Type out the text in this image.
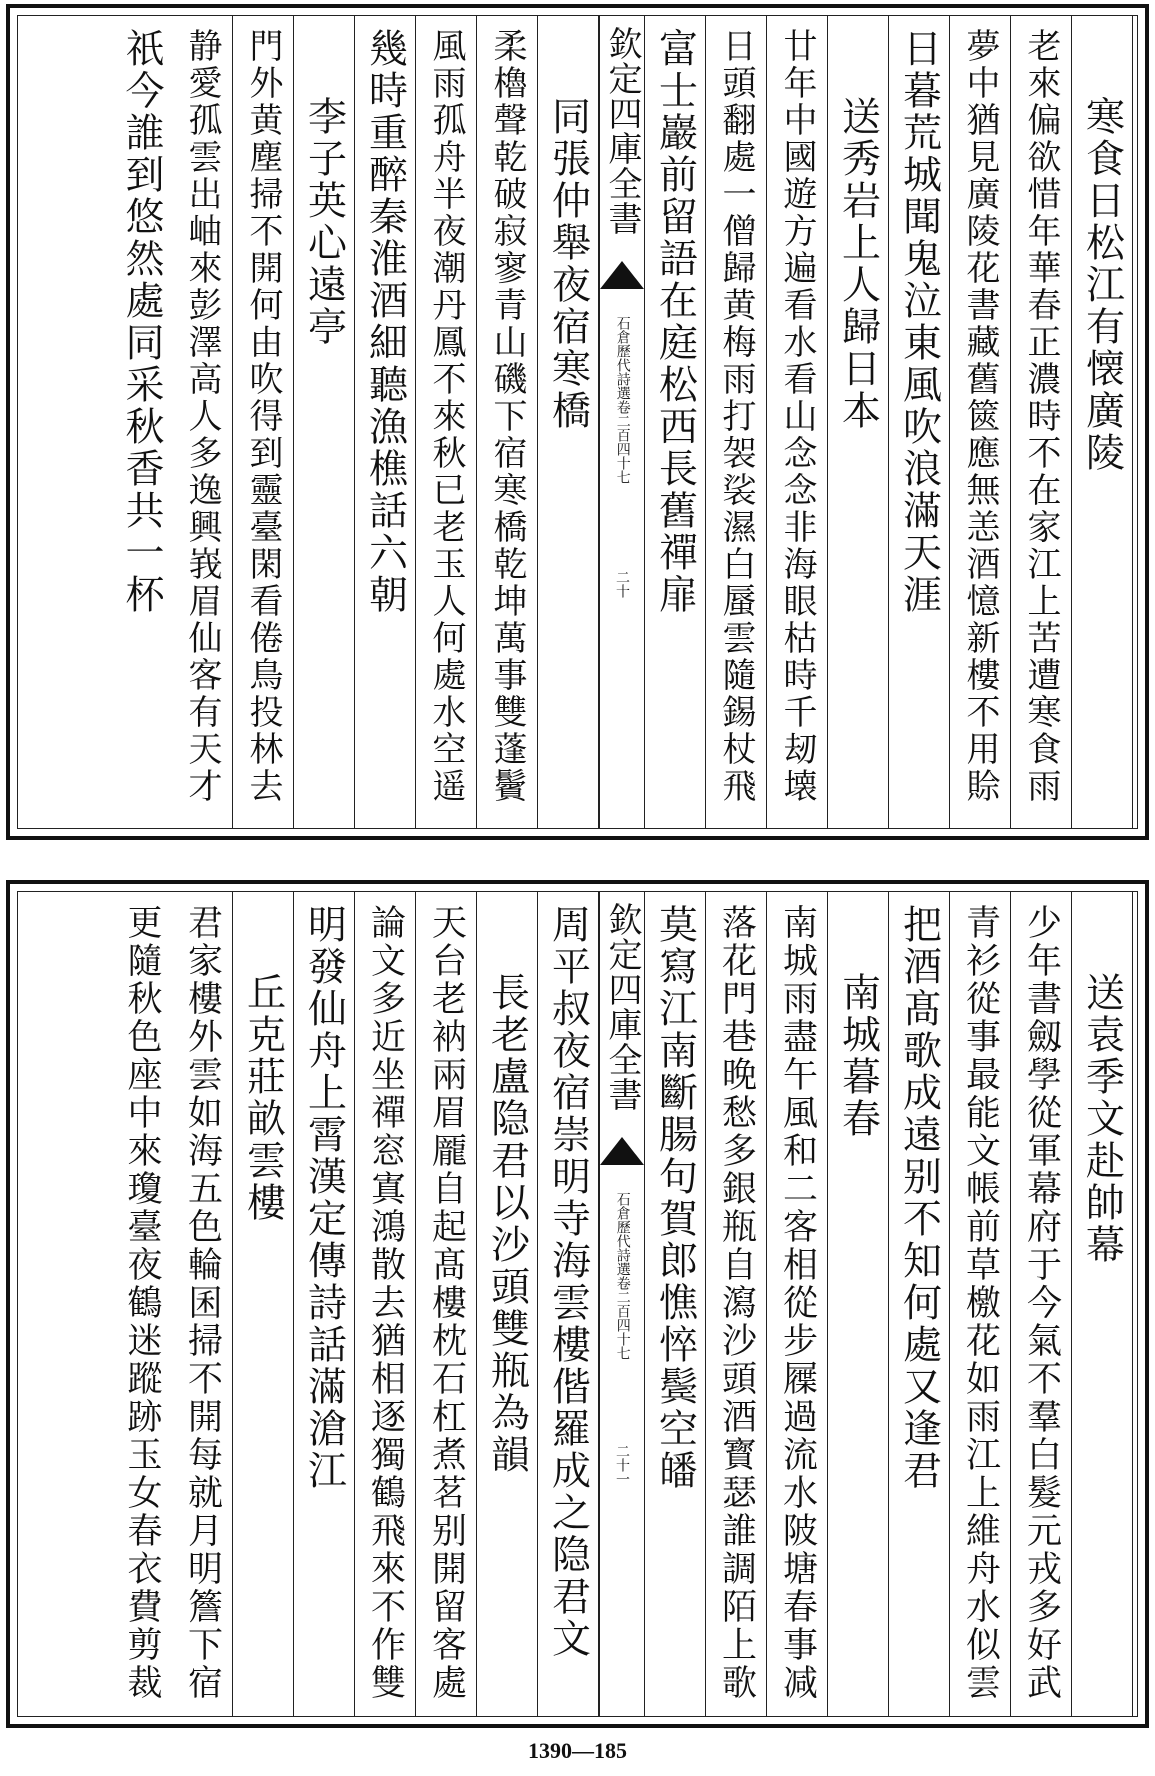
寒食日松江有懐廣陵
老來偏欲惜年華春正濃時不在家江上苦遭寒食雨
夢中猶見廣陵花書藏舊篋應無恙酒憶新樓不用賒
日暮荒城聞鬼泣東風吹浪滿天涯
送秀岩上人歸日本
廿年中國遊方遍看水看山念念非海眼枯時千刼壊
日頭翻處一僧歸黄梅雨打袈裟濕白蜃雲隨錫杖飛
富士巖前留語在庭松西長舊禪扉
欽定四庫全書
石倉歷代詩選卷二百四十七
二十
同張仲舉夜宿寒橋
柔櫓聲乾破寂寥青山磯下宿寒橋乾坤萬事雙蓬鬢
風雨孤舟半夜潮丹鳳不來秋已老玉人何處水空遥
幾時重醉秦淮酒細聽漁樵話六朝
李子英心遠亭
門外黄塵掃不開何由吹得到靈臺閑看倦鳥投林去
静愛孤雲出岫來彭澤高人多逸興峩眉仙客有天才
祇今誰到悠然處同采秋香共一杯
送袁季文赴帥幕
少年書劔學從軍幕府于今氣不羣白髮元戎多好武
青衫從事最能文帳前草檄花如雨江上維舟水似雲
把酒髙歌成遠别不知何處又逢君
南城暮春
南城雨盡午風和二客相從步屧過流水陂塘春事减
落花門巷晚愁多銀瓶自瀉沙頭酒寳瑟誰調陌上歌
莫寫江南斷腸句賀郎憔悴鬓空皤
欽定四庫全書
石倉歷代詩選卷二百四十七
二十一
周平叔夜宿崇明寺海雲樓偕羅成之隐君文
長老盧隐君以沙頭雙瓶為韻
天台老衲兩眉龎自起髙樓枕石杠煮茗别開留客處
論文多近坐禪窓寘鴻散去猶相逐獨鶴飛來不作雙
明發仙舟上霄漢定傳詩話滿滄江
丘克莊畝雲樓
君家樓外雲如海五色輪囷掃不開每就月明簷下宿
更隨秋色座中來瓊臺夜鶴迷蹤跡玉女春衣費剪裁
1390—185
